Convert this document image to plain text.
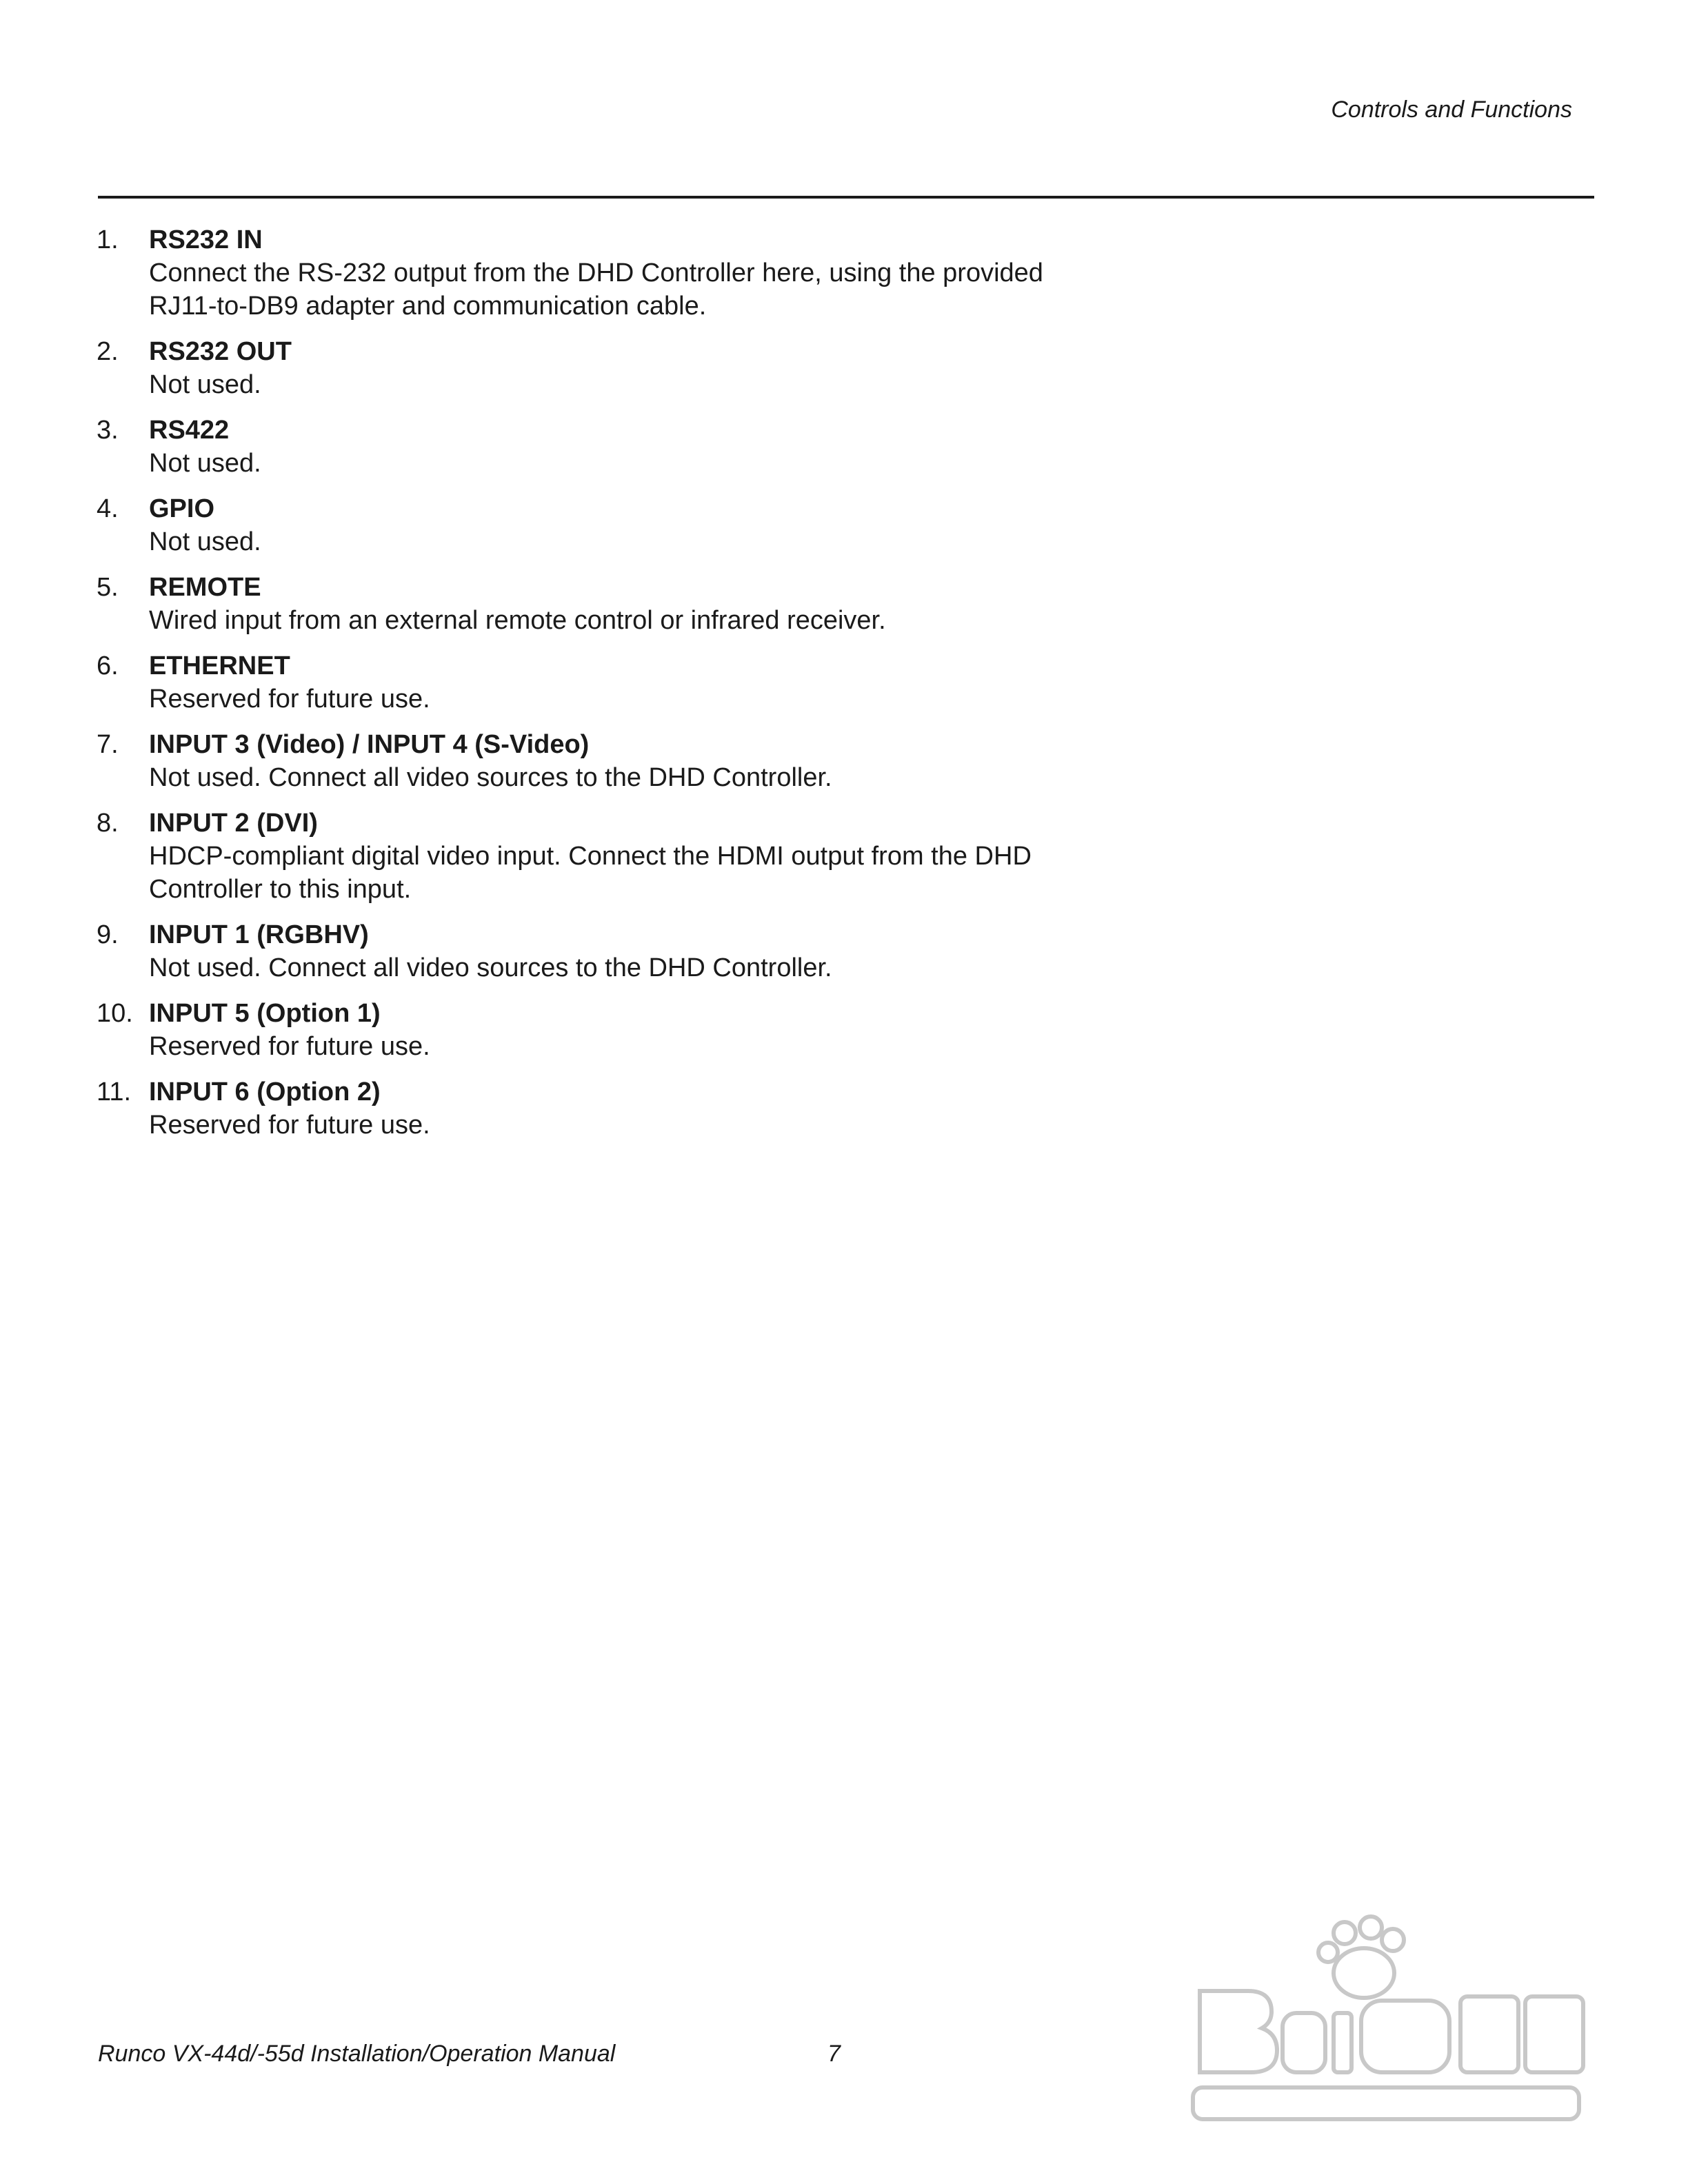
Controls and Functions
1. RS232 IN
Connect the RS-232 output from the DHD Controller here, using the provided
RJ11-to-DB9 adapter and communication cable.
2. RS232 OUT
Not used.
3. RS422
Not used.
4. GPIO
Not used.
5. REMOTE
Wired input from an external remote control or infrared receiver.
6. ETHERNET
Reserved for future use.
7. INPUT 3 (Video) / INPUT 4 (S-Video)
Not used. Connect all video sources to the DHD Controller.
8. INPUT 2 (DVI)
HDCP-compliant digital video input. Connect the HDMI output from the DHD
Controller to this input.
9. INPUT 1 (RGBHV)
Not used. Connect all video sources to the DHD Controller.
10. INPUT 5 (Option 1)
Reserved for future use.
11. INPUT 6 (Option 2)
Reserved for future use.
Runco VX-44d/-55d Installation/Operation Manual	7
